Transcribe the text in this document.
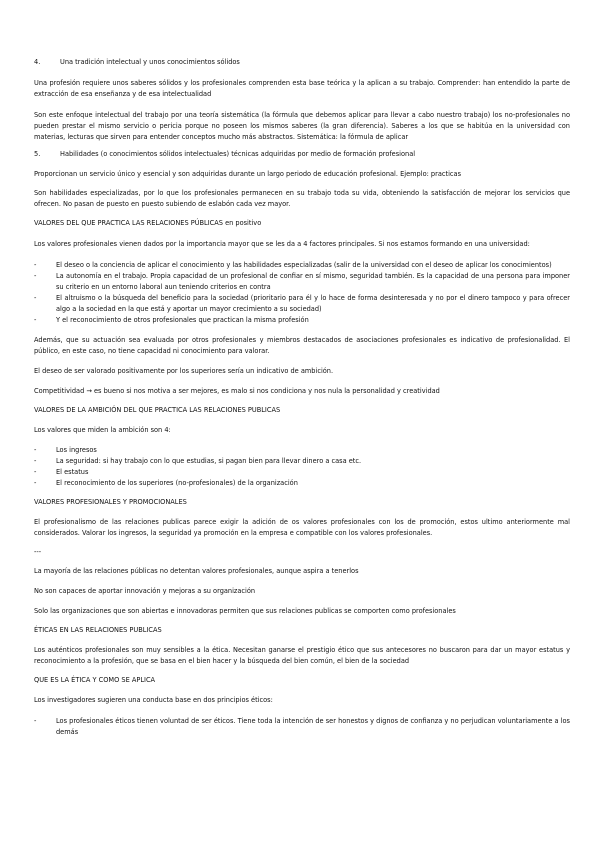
4.	Una tradición intelectual y unos conocimientos sólidos

Una profesión requiere unos saberes sólidos y los profesionales comprenden esta base teórica y la aplican a su trabajo. Comprender: han entendido la parte de extracción de esa enseñanza y de esa intelectualidad

Son este enfoque intelectual del trabajo por una teoría sistemática (la fórmula que debemos aplicar para llevar a cabo nuestro trabajo) los no-profesionales no pueden prestar el mismo servicio o pericia porque no poseen los mismos saberes (la gran diferencia). Saberes a los que se habitúa en la universidad con materias, lecturas que sirven para entender conceptos mucho más abstractos. Sistemática: la fórmula de aplicar

5.	Habilidades (o conocimientos sólidos intelectuales) técnicas adquiridas por medio de formación profesional

Proporcionan un servicio único y esencial y son adquiridas durante un largo periodo de educación profesional. Ejemplo: practicas

Son habilidades especializadas, por lo que los profesionales permanecen en su trabajo toda su vida, obteniendo la satisfacción de mejorar los servicios que ofrecen. No pasan de puesto en puesto subiendo de eslabón cada vez mayor.

VALORES DEL QUE PRACTICA LAS RELACIONES PÚBLICAS en positivo

Los valores profesionales vienen dados por la importancia mayor que se les da a 4 factores principales. Si nos estamos formando en una universidad:

-	El deseo o la conciencia de aplicar el conocimiento y las habilidades especializadas (salir de la universidad con el deseo de aplicar los conocimientos)
-	La autonomía en el trabajo. Propia capacidad de un profesional de confiar en sí mismo, seguridad también. Es la capacidad de una persona para imponer su criterio en un entorno laboral aun teniendo criterios en contra
-	El altruismo o la búsqueda del beneficio para la sociedad (prioritario para él y lo hace de forma desinteresada y no por el dinero tampoco y para ofrecer algo a la sociedad en la que está y aportar un mayor crecimiento a su sociedad)
-	Y el reconocimiento de otros profesionales que practican la misma profesión

Además, que su actuación sea evaluada por otros profesionales y miembros destacados de asociaciones profesionales es indicativo de profesionalidad. El público, en este caso, no tiene capacidad ni conocimiento para valorar.

El deseo de ser valorado positivamente por los superiores sería un indicativo de ambición.

Competitividad → es bueno si nos motiva a ser mejores, es malo si nos condiciona y nos nula la personalidad y creatividad

VALORES DE LA AMBICIÓN DEL QUE PRACTICA LAS RELACIONES PUBLICAS

Los valores que miden la ambición son 4:

-	Los ingresos
-	La seguridad: si hay trabajo con lo que estudias, si pagan bien para llevar dinero a casa etc.
-	El estatus
-	El reconocimiento de los superiores (no-profesionales) de la organización

VALORES PROFESIONALES Y PROMOCIONALES

El profesionalismo de las relaciones publicas parece exigir la adición de os valores profesionales con los de promoción, estos ultimo anteriormente mal considerados. Valorar los ingresos, la seguridad ya promoción en la empresa e compatible con los valores profesionales.

---

La mayoría de las relaciones públicas no detentan valores profesionales, aunque aspira a tenerlos

No son capaces de aportar innovación y mejoras a su organización

Solo las organizaciones que son abiertas e innovadoras permiten que sus relaciones publicas se comporten como profesionales

ÉTICAS EN LAS RELACIONES PUBLICAS

Los auténticos profesionales son muy sensibles a la ética. Necesitan ganarse el prestigio ético que sus antecesores no buscaron para dar un mayor estatus y reconocimiento a la profesión, que se basa en el bien hacer y la búsqueda del bien común, el bien de la sociedad

QUE ES LA ÉTICA Y COMO SE APLICA

Los investigadores sugieren una conducta base en dos principios éticos:

-	Los profesionales éticos tienen voluntad de ser éticos. Tiene toda la intención de ser honestos y dignos de confianza y no perjudican voluntariamente a los demás
